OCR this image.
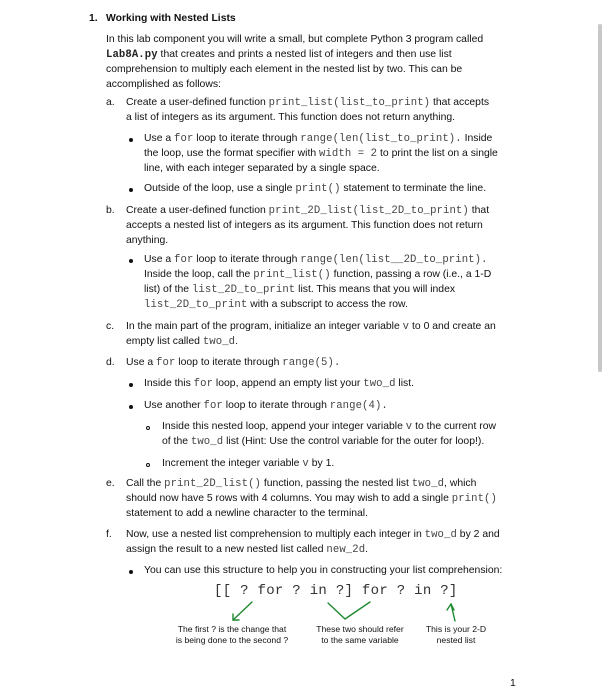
1. Working with Nested Lists
In this lab component you will write a small, but complete Python 3 program called
Lab8A.py that creates and prints a nested list of integers and then use list
comprehension to multiply each element in the nested list by two. This can be
accomplished as follows:
a. Create a user-defined function print_list(list_to_print) that accepts
a list of integers as its argument. This function does not return anything.
Use a for loop to iterate through range(len(list_to_print). Inside
the loop, use the format specifier with width = 2 to print the list on a single
line, with each integer separated by a single space.
Outside of the loop, use a single print() statement to terminate the line.
b. Create a user-defined function print_2D_list(list_2D_to_print) that
accepts a nested list of integers as its argument. This function does not return
anything.
Use a for loop to iterate through range(len(list__2D_to_print).
Inside the loop, call the print_list() function, passing a row (i.e., a 1-D
list) of the list_2D_to_print list. This means that you will index
list_2D_to_print with a subscript to access the row.
c. In the main part of the program, initialize an integer variable v to 0 and create an
empty list called two_d.
d. Use a for loop to iterate through range(5).
Inside this for loop, append an empty list your two_d list.
Use another for loop to iterate through range(4).
Inside this nested loop, append your integer variable v to the current row
of the two_d list (Hint: Use the control variable for the outer for loop!).
Increment the integer variable v by 1.
e. Call the print_2D_list() function, passing the nested list two_d, which
should now have 5 rows with 4 columns. You may wish to add a single print()
statement to add a newline character to the terminal.
f. Now, use a nested list comprehension to multiply each integer in two_d by 2 and
assign the result to a new nested list called new_2d.
You can use this structure to help you in constructing your list comprehension:
[[ ? for ? in ?] for ? in ?]
The first ? is the change that
is being done to the second ?
These two should refer
to the same variable
This is your 2-D
nested list
1
